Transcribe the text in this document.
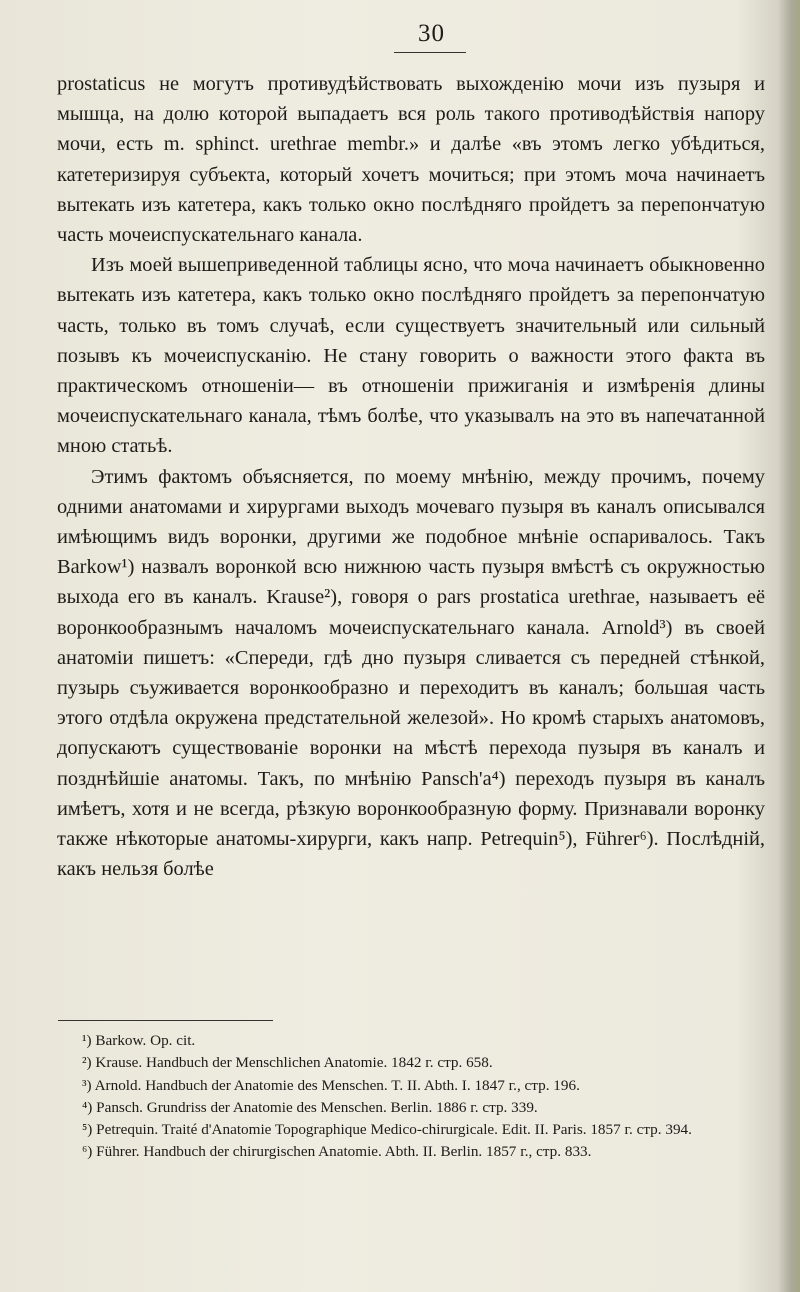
30

prostatіcus не могутъ противудѣйствовать выхожденію мочи изъ пузыря и мышца, на долю которой выпадаетъ вся роль такого противодѣйствія напору мочи, есть m. sphinct. urethrae membr.» и далѣе «въ этомъ легко убѣдиться, катетеризируя субъекта, который хочетъ мочиться; при этомъ моча начинаетъ вытекать изъ катетера, какъ только окно послѣдняго пройдетъ за перепончатую часть мочеиспускательнаго канала.

Изъ моей вышеприведенной таблицы ясно, что моча начинаетъ обыкновенно вытекать изъ катетера, какъ только окно послѣдняго пройдетъ за перепончатую часть, только въ томъ случаѣ, если существуетъ значительный или сильный позывъ къ мочеиспусканію. Не стану говорить о важности этого факта въ практическомъ отношеніи— въ отношеніи прижиганія и измѣренія длины мочеиспускательнаго канала, тѣмъ болѣе, что указывалъ на это въ напечатанной мною статьѣ.

Этимъ фактомъ объясняется, по моему мнѣнію, между прочимъ, почему одними анатомами и хирургами выходъ мочеваго пузыря въ каналъ описывался имѣющимъ видъ воронки, другими же подобное мнѣніе оспаривалось. Такъ Barkow¹) назвалъ воронкой всю нижнюю часть пузыря вмѣстѣ съ окружностью выхода его въ каналъ. Krause²), говоря о pars prostatica urethrae, называетъ её воронкообразнымъ началомъ мочеиспускательнаго канала. Arnold³) въ своей анатоміи пишетъ: «Спереди, гдѣ дно пузыря сливается съ передней стѣнкой, пузырь съуживается воронкообразно и переходитъ въ каналъ; большая часть этого отдѣла окружена предстательной железой». Но кромѣ старыхъ анатомовъ, допускаютъ существованіе воронки на мѣстѣ перехода пузыря въ каналъ и позднѣйшіе анатомы. Такъ, по мнѣнію Pansch'а⁴) переходъ пузыря въ каналъ имѣетъ, хотя и не всегда, рѣзкую воронкообразную форму. Признавали воронку также нѣкоторые анатомы-хирурги, какъ напр. Petrequin⁵), Führer⁶). Послѣдній, какъ нельзя болѣе

¹) Barkow. Op. cit.

²) Krause. Handbuch der Menschlichen Anatomie. 1842 г. стр. 658.

³) Arnold. Handbuch der Anatomie des Menschen. T. II. Abth. I. 1847 г., стр. 196.

⁴) Pansch. Grundriss der Anatomie des Menschen. Berlin. 1886 г. стр. 339.

⁵) Petrequin. Traité d'Anatomie Topographique Medico-chirurgicale. Edit. II. Paris. 1857 г. стр. 394.

⁶) Führer. Handbuch der chirurgischen Anatomie. Abth. II. Berlin. 1857 г., стр. 833.
